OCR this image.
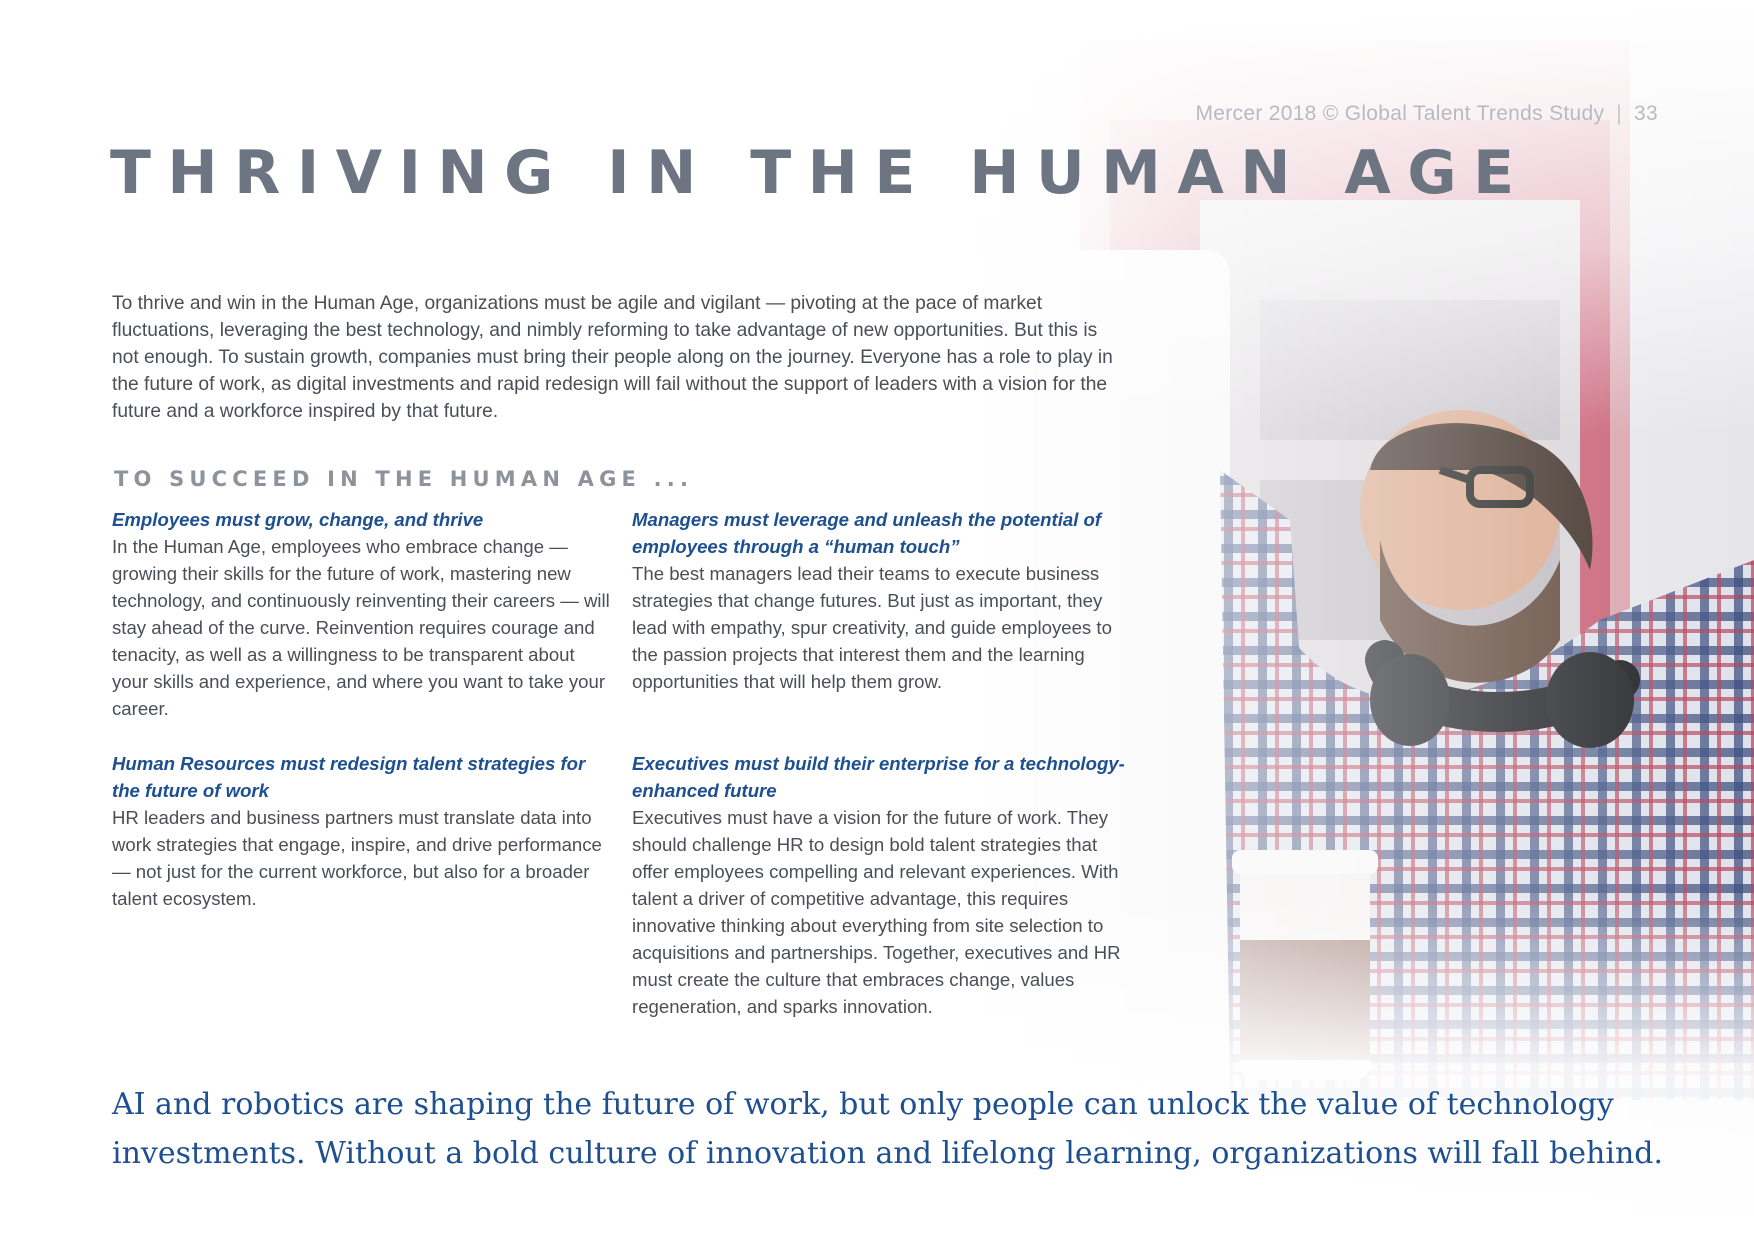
Mercer 2018 © Global Talent Trends Study | 33
THRIVING IN THE HUMAN AGE

To thrive and win in the Human Age, organizations must be agile and vigilant — pivoting at the pace of market fluctuations, leveraging the best technology, and nimbly reforming to take advantage of new opportunities. But this is not enough. To sustain growth, companies must bring their people along on the journey. Everyone has a role to play in the future of work, as digital investments and rapid redesign will fail without the support of leaders with a vision for the future and a workforce inspired by that future.

TO SUCCEED IN THE HUMAN AGE ...

Employees must grow, change, and thrive

In the Human Age, employees who embrace change — growing their skills for the future of work, mastering new technology, and continuously reinventing their careers — will stay ahead of the curve. Reinvention requires courage and tenacity, as well as a willingness to be transparent about your skills and experience, and where you want to take your career.

Managers must leverage and unleash the potential of employees through a “human touch”

The best managers lead their teams to execute business strategies that change futures. But just as important, they lead with empathy, spur creativity, and guide employees to the passion projects that interest them and the learning opportunities that will help them grow.

Human Resources must redesign talent strategies for the future of work

HR leaders and business partners must translate data into work strategies that engage, inspire, and drive performance — not just for the current workforce, but also for a broader talent ecosystem.

Executives must build their enterprise for a technology-enhanced future

Executives must have a vision for the future of work. They should challenge HR to design bold talent strategies that offer employees compelling and relevant experiences. With talent a driver of competitive advantage, this requires innovative thinking about everything from site selection to acquisitions and partnerships. Together, executives and HR must create the culture that embraces change, values regeneration, and sparks innovation.

AI and robotics are shaping the future of work, but only people can unlock the value of technology investments. Without a bold culture of innovation and lifelong learning, organizations will fall behind.
